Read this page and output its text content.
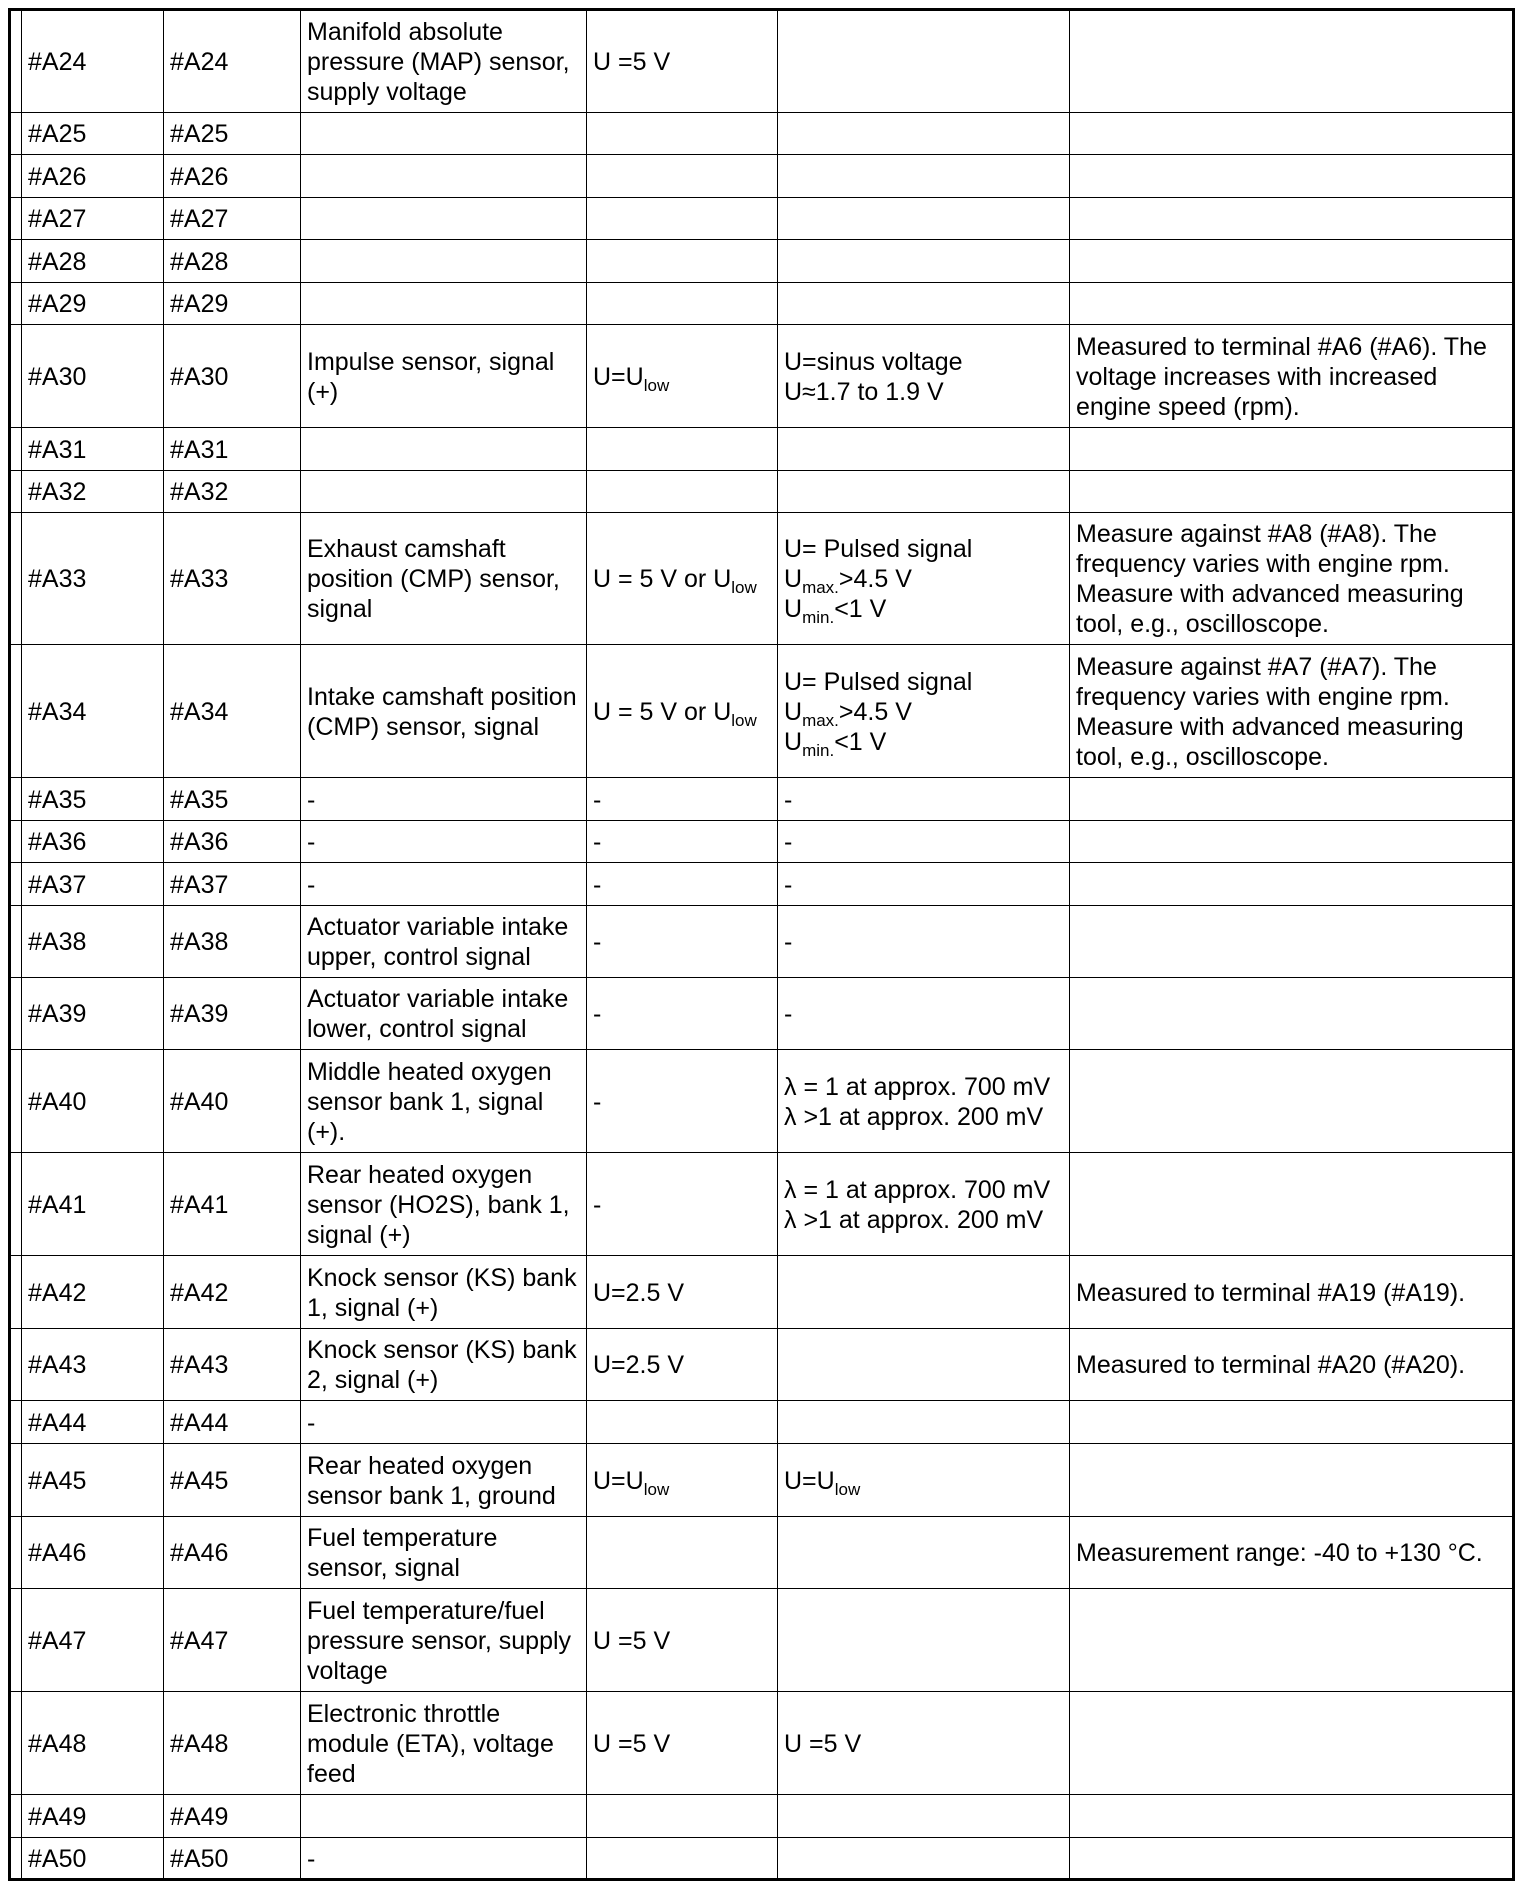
	#A24	#A24	Manifold absolute
pressure (MAP) sensor,
supply voltage	U =5 V		
	#A25	#A25				
	#A26	#A26				
	#A27	#A27				
	#A28	#A28				
	#A29	#A29				
	#A30	#A30	Impulse sensor, signal
(+)	$U=U_{low}$	U=sinus voltage
U≈1.7 to 1.9 V	Measured to terminal #A6 (#A6). The
voltage increases with increased
engine speed (rpm).
	#A31	#A31				
	#A32	#A32				
	#A33	#A33	Exhaust camshaft
position (CMP) sensor,
signal	U = 5 V or $U_{low}$	U= Pulsed signal
$U_{max.}>4.5$ V
$U_{min.}<1$ V	Measure against #A8 (#A8). The
frequency varies with engine rpm.
Measure with advanced measuring
tool, e.g., oscilloscope.
	#A34	#A34	Intake camshaft position
(CMP) sensor, signal	U = 5 V or $U_{low}$	U= Pulsed signal
$U_{max.}>4.5$ V
$U_{min.}<1$ V	Measure against #A7 (#A7). The
frequency varies with engine rpm.
Measure with advanced measuring
tool, e.g., oscilloscope.
	#A35	#A35	-	-	-	
	#A36	#A36	-	-	-	
	#A37	#A37	-	-	-	
	#A38	#A38	Actuator variable intake
upper, control signal	-	-	
	#A39	#A39	Actuator variable intake
lower, control signal	-	-	
	#A40	#A40	Middle heated oxygen
sensor bank 1, signal
(+).	-	λ = 1 at approx. 700 mV
λ >1 at approx. 200 mV	
	#A41	#A41	Rear heated oxygen
sensor (HO2S), bank 1,
signal (+)	-	λ = 1 at approx. 700 mV
λ >1 at approx. 200 mV	
	#A42	#A42	Knock sensor (KS) bank
1, signal (+)	U=2.5 V		Measured to terminal #A19 (#A19).
	#A43	#A43	Knock sensor (KS) bank
2, signal (+)	U=2.5 V		Measured to terminal #A20 (#A20).
	#A44	#A44	-			
	#A45	#A45	Rear heated oxygen
sensor bank 1, ground	$U=U_{low}$	$U=U_{low}$	
	#A46	#A46	Fuel temperature
sensor, signal			Measurement range: -40 to +130 °C.
	#A47	#A47	Fuel temperature/fuel
pressure sensor, supply
voltage	U =5 V		
	#A48	#A48	Electronic throttle
module (ETA), voltage
feed	U =5 V	U =5 V	
	#A49	#A49				
	#A50	#A50	-			
